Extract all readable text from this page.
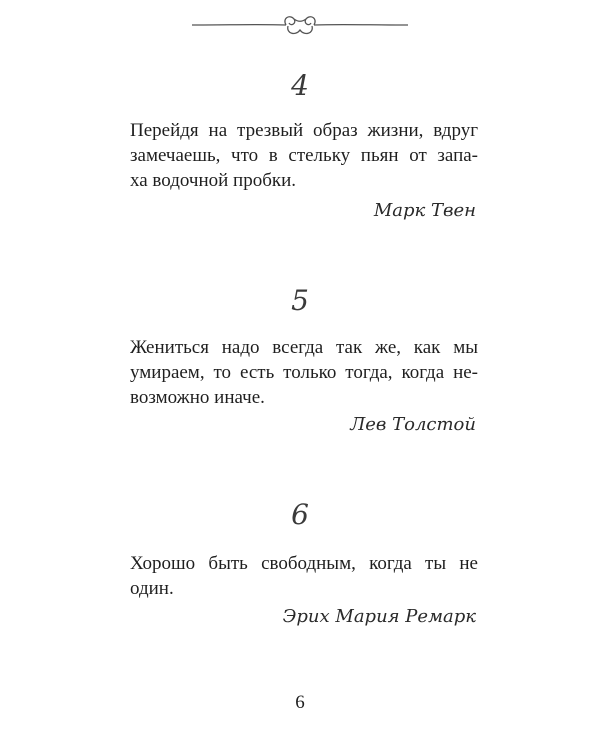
4
Перейдя на трезвый образ жизни, вдруг
замечаешь, что в стельку пьян от запа-
ха водочной пробки.
Марк Твен
5
Жениться надо всегда так же, как мы
умираем, то есть только тогда, когда не-
возможно иначе.
Лев Толстой
6
Хорошо быть свободным, когда ты не
один.
Эрих Мария Ремарк
6
